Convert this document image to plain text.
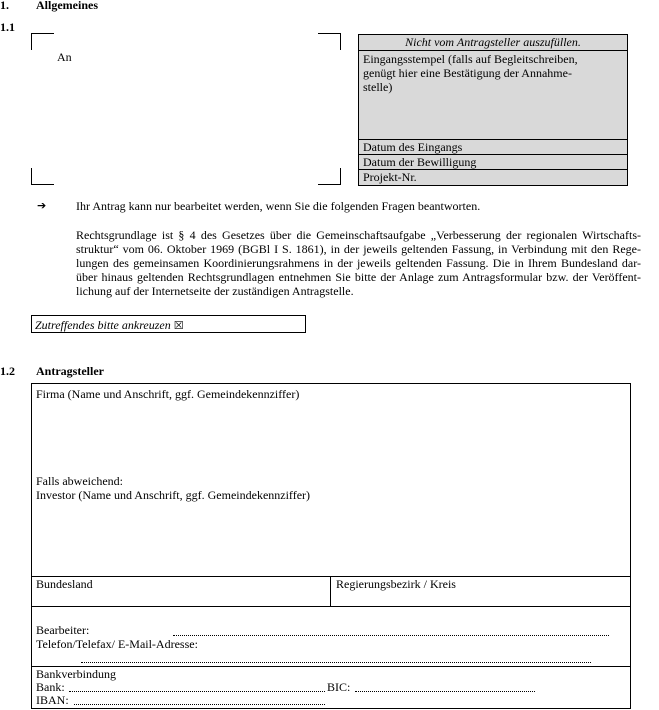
1. Allgemeines
1.1
An
Nicht vom Antragsteller auszufüllen.
Eingangsstempel (falls auf Begleitschreiben, genügt hier eine Bestätigung der Annahme-stelle)
Datum des Eingangs
Datum der Bewilligung
Projekt-Nr.
➔ Ihr Antrag kann nur bearbeitet werden, wenn Sie die folgenden Fragen beantworten.
Rechtsgrundlage ist § 4 des Gesetzes über die Gemeinschaftsaufgabe „Verbesserung der regionalen Wirtschafts-struktur“ vom 06. Oktober 1969 (BGBl I S. 1861), in der jeweils geltenden Fassung, in Verbindung mit den Rege-lungen des gemeinsamen Koordinierungsrahmens in der jeweils geltenden Fassung. Die in Ihrem Bundesland dar-über hinaus geltenden Rechtsgrundlagen entnehmen Sie bitte der Anlage zum Antragsformular bzw. der Veröffent-lichung auf der Internetseite der zuständigen Antragstelle.
Zutreffendes bitte ankreuzen ☒
1.2 Antragsteller
Firma (Name und Anschrift, ggf. Gemeindekennziffer)
Falls abweichend:
Investor (Name und Anschrift, ggf. Gemeindekennziffer)
Bundesland	Regierungsbezirk / Kreis
Bearbeiter:
Telefon/Telefax/ E-Mail-Adresse:
Bankverbindung
Bank:	BIC:
IBAN:
